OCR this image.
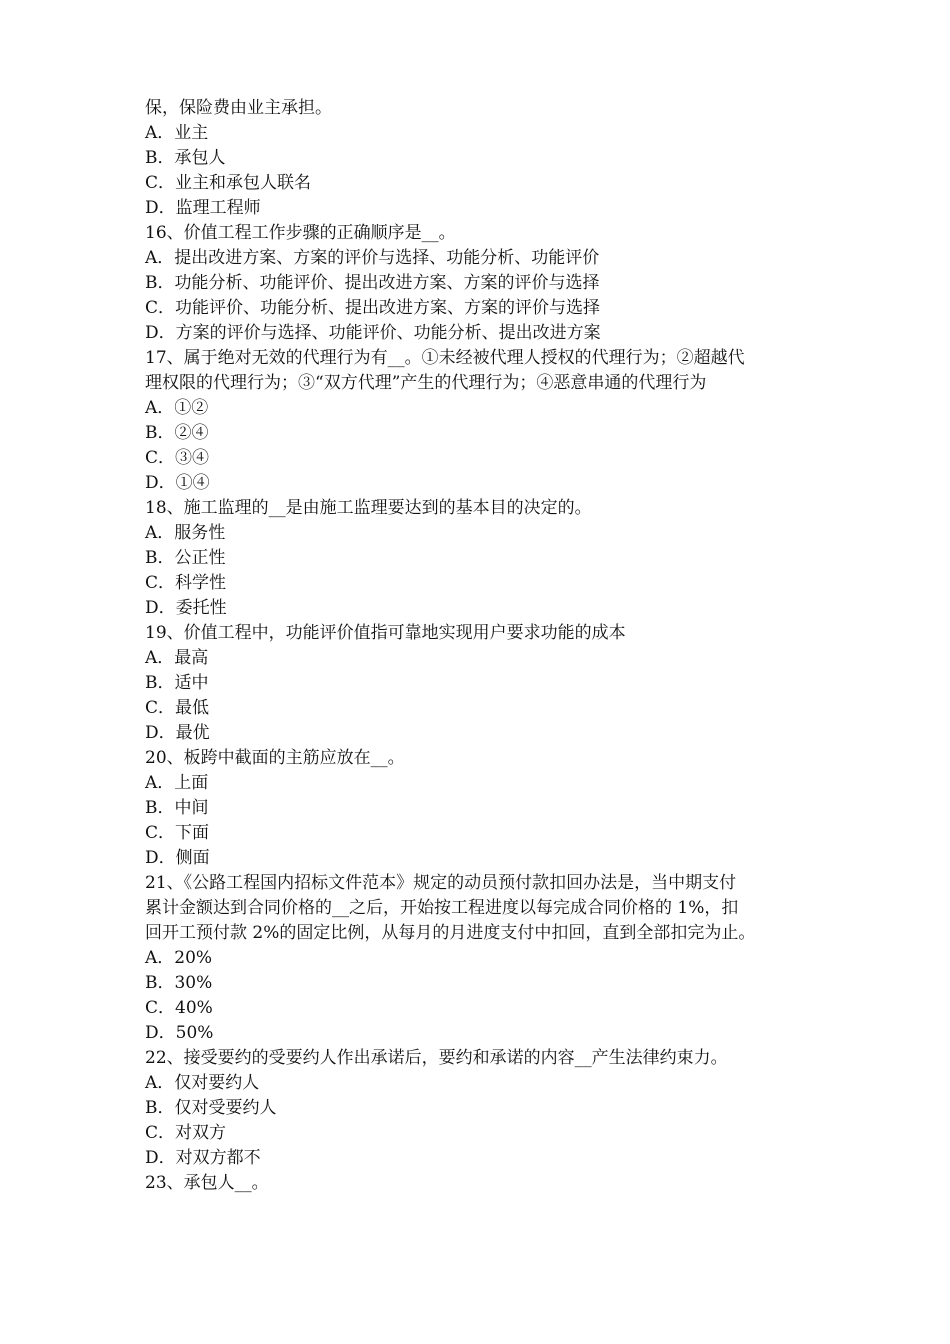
保，保险费由业主承担。
A．业主
B．承包人
C．业主和承包人联名
D．监理工程师
16、价值工程工作步骤的正确顺序是__。
A．提出改进方案、方案的评价与选择、功能分析、功能评价
B．功能分析、功能评价、提出改进方案、方案的评价与选择
C．功能评价、功能分析、提出改进方案、方案的评价与选择
D．方案的评价与选择、功能评价、功能分析、提出改进方案
17、属于绝对无效的代理行为有__。①未经被代理人授权的代理行为；②超越代
理权限的代理行为；③“双方代理”产生的代理行为；④恶意串通的代理行为
A．①②
B．②④
C．③④
D．①④
18、施工监理的__是由施工监理要达到的基本目的决定的。
A．服务性
B．公正性
C．科学性
D．委托性
19、价值工程中，功能评价值指可靠地实现用户要求功能的成本
A．最高
B．适中
C．最低
D．最优
20、板跨中截面的主筋应放在__。
A．上面
B．中间
C．下面
D．侧面
21、《公路工程国内招标文件范本》规定的动员预付款扣回办法是，当中期支付
累计金额达到合同价格的__之后，开始按工程进度以每完成合同价格的 1%，扣
回开工预付款 2%的固定比例，从每月的月进度支付中扣回，直到全部扣完为止。
A．20%
B．30%
C．40%
D．50%
22、接受要约的受要约人作出承诺后，要约和承诺的内容__产生法律约束力。
A．仅对要约人
B．仅对受要约人
C．对双方
D．对双方都不
23、承包人__。
